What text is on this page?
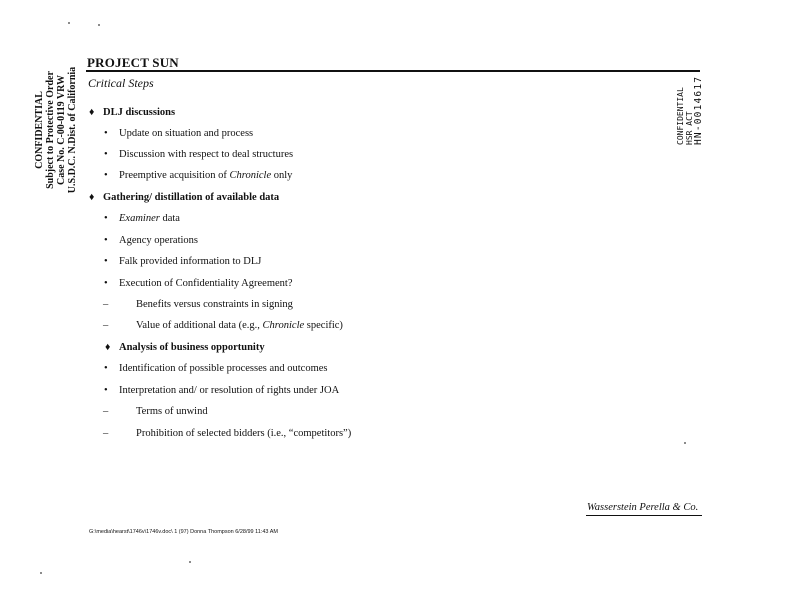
PROJECT SUN
Critical Steps
CONFIDENTIAL Subject to Protective Order Case No. C-00-0119 VRW U.S.D.C. N.Dist. of California	CONFIDENTIAL HSR ACT HN-0014617
♦ DLJ discussions
• Update on situation and process
• Discussion with respect to deal structures
• Preemptive acquisition of Chronicle only
♦ Gathering/ distillation of available data
• Examiner data
• Agency operations
• Falk provided information to DLJ
• Execution of Confidentiality Agreement?
–	Benefits versus constraints in signing
–	Value of additional data (e.g., Chronicle specific)
♦ Analysis of business opportunity
• Identification of possible processes and outcomes
• Interpretation and/ or resolution of rights under JOA
–	Terms of unwind
–	Prohibition of selected bidders (i.e., “competitors”)
Wasserstein Perella & Co.
G:\media\hearst\1746v\1746v.doc\ 1 (97) Donna Thompson 6/28/99 11:43 AM
